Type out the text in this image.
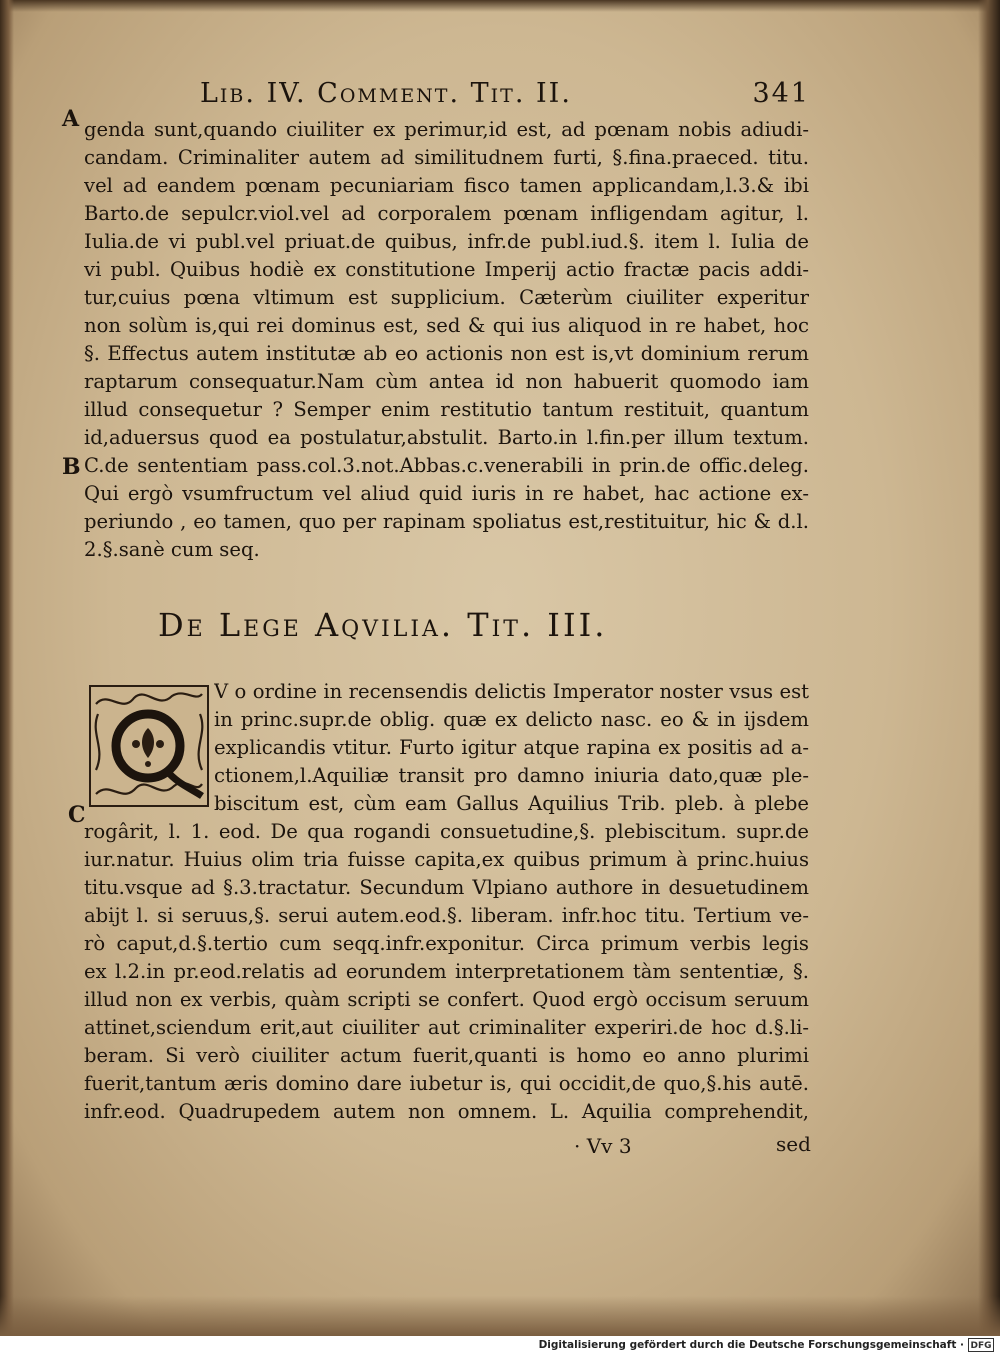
Lib. IV. Comment. Tit. II.	341
A
B
C
genda sunt,quando ciuiliter ex perimur,id est, ad pœnam nobis adiudi-
candam. Criminaliter autem ad similitudnem furti, §.fina.praeced. titu.
vel ad eandem pœnam pecuniariam fisco tamen applicandam,l.3.& ibi
Barto.de sepulcr.viol.vel ad corporalem pœnam infligendam agitur, l.
Iulia.de vi publ.vel priuat.de quibus, infr.de publ.iud.§. item l. Iulia de
vi publ. Quibus hodiè ex constitutione Imperij actio fractæ pacis addi-
tur,cuius pœna vltimum est supplicium. Cæterùm ciuiliter experitur
non solùm is,qui rei dominus est, sed & qui ius aliquod in re habet, hoc
§. Effectus autem institutæ ab eo actionis non est is,vt dominium rerum
raptarum consequatur.Nam cùm antea id non habuerit quomodo iam
illud consequetur ? Semper enim restitutio tantum restituit, quantum
id,aduersus quod ea postulatur,abstulit. Barto.in l.fin.per illum textum.
C.de sententiam pass.col.3.not.Abbas.c.venerabili in prin.de offic.deleg.
Qui ergò vsumfructum vel aliud quid iuris in re habet, hac actione ex-
periundo , eo tamen, quo per rapinam spoliatus est,restituitur, hic & d.l.
2.§.sanè cum seq.
De Lege Aqvilia. Tit. III.
V o ordine in recensendis delictis Imperator noster vsus est
in princ.supr.de oblig. quæ ex delicto nasc. eo & in ijsdem
explicandis vtitur. Furto igitur atque rapina ex positis ad a-
ctionem,l.Aquiliæ transit pro damno iniuria dato,quæ ple-
biscitum est, cùm eam Gallus Aquilius Trib. pleb. à plebe
rogârit, l. 1. eod. De qua rogandi consuetudine,§. plebiscitum. supr.de
iur.natur. Huius olim tria fuisse capita,ex quibus primum à princ.huius
titu.vsque ad §.3.tractatur. Secundum Vlpiano authore in desuetudinem
abijt l. si seruus,§. serui autem.eod.§. liberam. infr.hoc titu. Tertium ve-
rò caput,d.§.tertio cum seqq.infr.exponitur. Circa primum verbis legis
ex l.2.in pr.eod.relatis ad eorundem interpretationem tàm sententiæ, §.
illud non ex verbis, quàm scripti se confert. Quod ergò occisum seruum
attinet,sciendum erit,aut ciuiliter aut criminaliter experiri.de hoc d.§.li-
beram. Si verò ciuiliter actum fuerit,quanti is homo eo anno plurimi
fuerit,tantum æris domino dare iubetur is, qui occidit,de quo,§.his autē.
infr.eod. Quadrupedem autem non omnem. L. Aquilia comprehendit,
· Vv 3	sed
Digitalisierung gefördert durch die Deutsche Forschungsgemeinschaft · DFG
